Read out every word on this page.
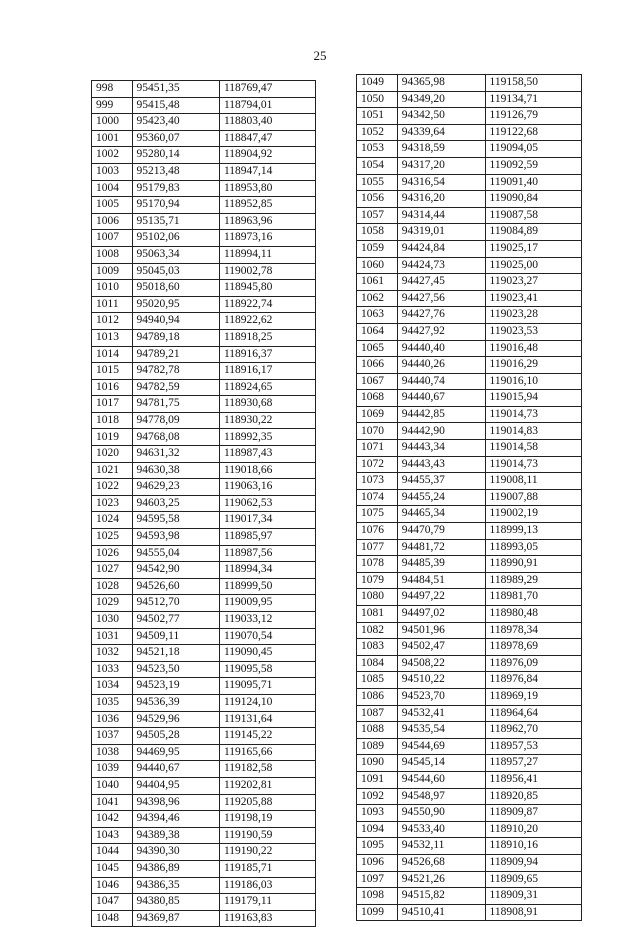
25
998	95451,35	118769,47
999	95415,48	118794,01
1000	95423,40	118803,40
1001	95360,07	118847,47
1002	95280,14	118904,92
1003	95213,48	118947,14
1004	95179,83	118953,80
1005	95170,94	118952,85
1006	95135,71	118963,96
1007	95102,06	118973,16
1008	95063,34	118994,11
1009	95045,03	119002,78
1010	95018,60	118945,80
1011	95020,95	118922,74
1012	94940,94	118922,62
1013	94789,18	118918,25
1014	94789,21	118916,37
1015	94782,78	118916,17
1016	94782,59	118924,65
1017	94781,75	118930,68
1018	94778,09	118930,22
1019	94768,08	118992,35
1020	94631,32	118987,43
1021	94630,38	119018,66
1022	94629,23	119063,16
1023	94603,25	119062,53
1024	94595,58	119017,34
1025	94593,98	118985,97
1026	94555,04	118987,56
1027	94542,90	118994,34
1028	94526,60	118999,50
1029	94512,70	119009,95
1030	94502,77	119033,12
1031	94509,11	119070,54
1032	94521,18	119090,45
1033	94523,50	119095,58
1034	94523,19	119095,71
1035	94536,39	119124,10
1036	94529,96	119131,64
1037	94505,28	119145,22
1038	94469,95	119165,66
1039	94440,67	119182,58
1040	94404,95	119202,81
1041	94398,96	119205,88
1042	94394,46	119198,19
1043	94389,38	119190,59
1044	94390,30	119190,22
1045	94386,89	119185,71
1046	94386,35	119186,03
1047	94380,85	119179,11
1048	94369,87	119163,83
1049	94365,98	119158,50
1050	94349,20	119134,71
1051	94342,50	119126,79
1052	94339,64	119122,68
1053	94318,59	119094,05
1054	94317,20	119092,59
1055	94316,54	119091,40
1056	94316,20	119090,84
1057	94314,44	119087,58
1058	94319,01	119084,89
1059	94424,84	119025,17
1060	94424,73	119025,00
1061	94427,45	119023,27
1062	94427,56	119023,41
1063	94427,76	119023,28
1064	94427,92	119023,53
1065	94440,40	119016,48
1066	94440,26	119016,29
1067	94440,74	119016,10
1068	94440,67	119015,94
1069	94442,85	119014,73
1070	94442,90	119014,83
1071	94443,34	119014,58
1072	94443,43	119014,73
1073	94455,37	119008,11
1074	94455,24	119007,88
1075	94465,34	119002,19
1076	94470,79	118999,13
1077	94481,72	118993,05
1078	94485,39	118990,91
1079	94484,51	118989,29
1080	94497,22	118981,70
1081	94497,02	118980,48
1082	94501,96	118978,34
1083	94502,47	118978,69
1084	94508,22	118976,09
1085	94510,22	118976,84
1086	94523,70	118969,19
1087	94532,41	118964,64
1088	94535,54	118962,70
1089	94544,69	118957,53
1090	94545,14	118957,27
1091	94544,60	118956,41
1092	94548,97	118920,85
1093	94550,90	118909,87
1094	94533,40	118910,20
1095	94532,11	118910,16
1096	94526,68	118909,94
1097	94521,26	118909,65
1098	94515,82	118909,31
1099	94510,41	118908,91
